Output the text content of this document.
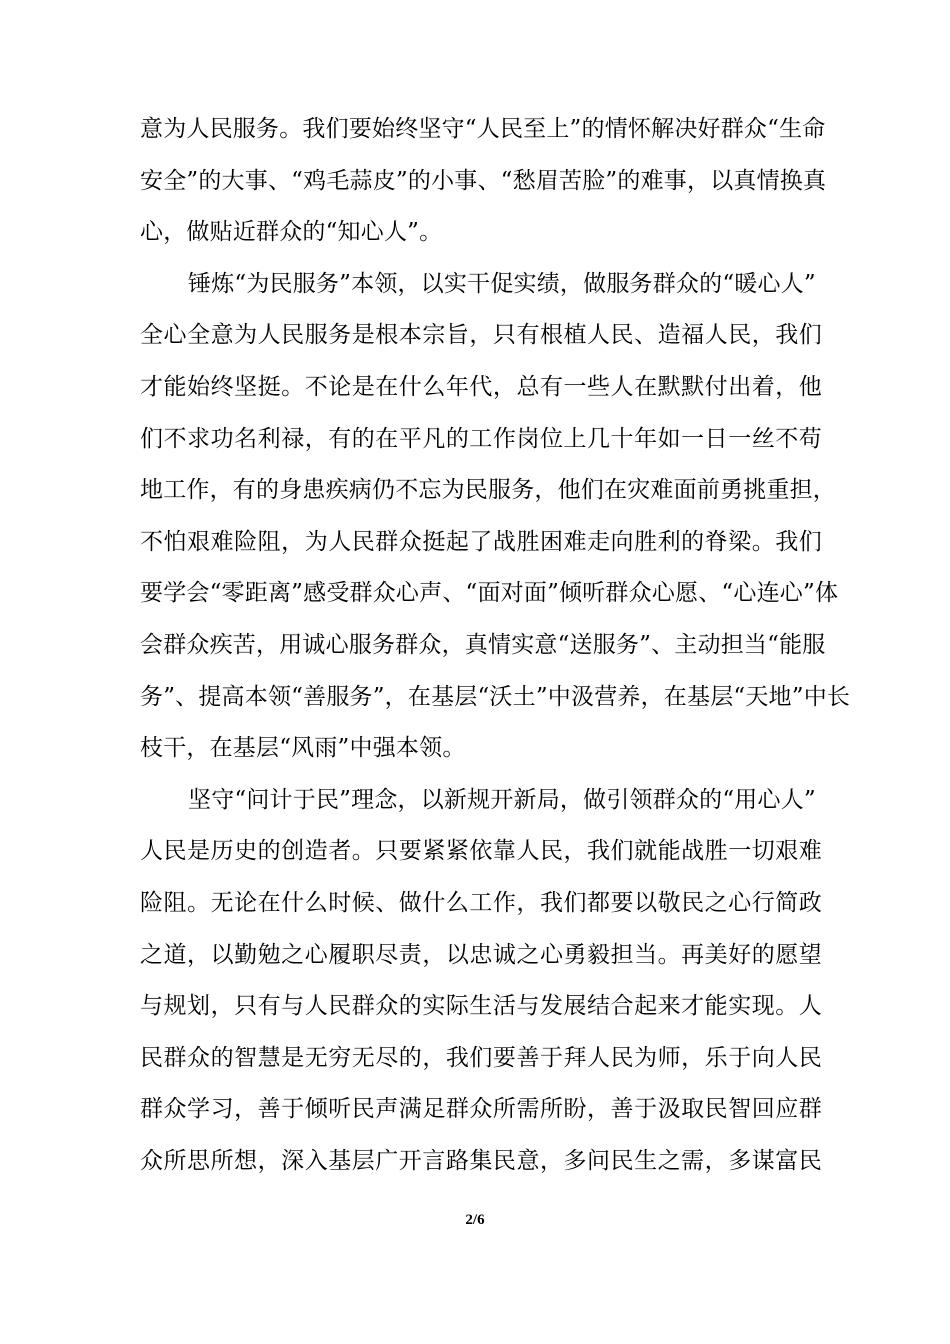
意为人民服务。我们要始终坚守“人民至上”的情怀解决好群众“生命
安全”的大事、“鸡毛蒜皮”的小事、“愁眉苦脸”的难事，以真情换真
心，做贴近群众的“知心人”。
锤炼“为民服务”本领，以实干促实绩，做服务群众的“暖心人”
全心全意为人民服务是根本宗旨，只有根植人民、造福人民，我们
才能始终坚挺。不论是在什么年代，总有一些人在默默付出着，他
们不求功名利禄，有的在平凡的工作岗位上几十年如一日一丝不苟
地工作，有的身患疾病仍不忘为民服务，他们在灾难面前勇挑重担，
不怕艰难险阻，为人民群众挺起了战胜困难走向胜利的脊梁。我们
要学会“零距离”感受群众心声、“面对面”倾听群众心愿、“心连心”体
会群众疾苦，用诚心服务群众，真情实意“送服务”、主动担当“能服
务”、提高本领“善服务”，在基层“沃土”中汲营养，在基层“天地”中长
枝干，在基层“风雨”中强本领。
坚守“问计于民”理念，以新规开新局，做引领群众的“用心人”
人民是历史的创造者。只要紧紧依靠人民，我们就能战胜一切艰难
险阻。无论在什么时候、做什么工作，我们都要以敬民之心行简政
之道，以勤勉之心履职尽责，以忠诚之心勇毅担当。再美好的愿望
与规划，只有与人民群众的实际生活与发展结合起来才能实现。人
民群众的智慧是无穷无尽的，我们要善于拜人民为师，乐于向人民
群众学习，善于倾听民声满足群众所需所盼，善于汲取民智回应群
众所思所想，深入基层广开言路集民意，多问民生之需，多谋富民
2/6
